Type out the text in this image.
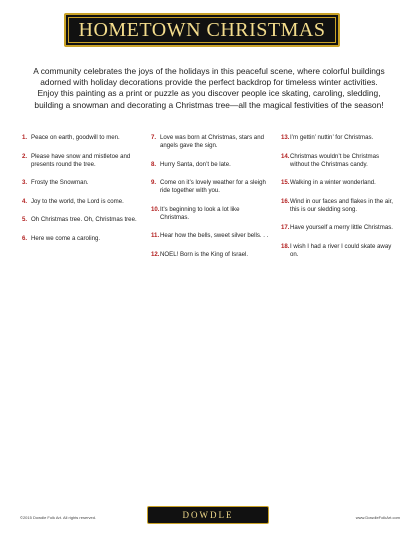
HOMETOWN CHRISTMAS
A community celebrates the joys of the holidays in this peaceful scene, where colorful buildings adorned with holiday decorations provide the perfect backdrop for timeless winter activities. Enjoy this painting as a print or puzzle as you discover people ice skating, caroling, sledding, building a snowman and decorating a Christmas tree—all the magical festivities of the season!
1. Peace on earth, goodwill to men.
2. Please have snow and mistletoe and presents round the tree.
3. Frosty the Snowman.
4. Joy to the world, the Lord is come.
5. Oh Christmas tree. Oh, Christmas tree.
6. Here we come a caroling.
7. Love was born at Christmas, stars and angels gave the sign.
8. Hurry Santa, don’t be late.
9. Come on it’s lovely weather for a sleigh ride together with you.
10. It’s beginning to look a lot like Christmas.
11. Hear how the bells, sweet silver bells. . .
12. NOEL! Born is the King of Israel.
13. I’m gettin’ nuttin’ for Christmas.
14. Christmas wouldn’t be Christmas without the Christmas candy.
15. Walking in a winter wonderland.
16. Wind in our faces and flakes in the air, this is our sledding song.
17. Have yourself a merry little Christmas.
18. I wish I had a river I could skate away on.
©2015 Dowdle Folk Art. All rights reserved.	DOWDLE	www.DowdleFolkArt.com
